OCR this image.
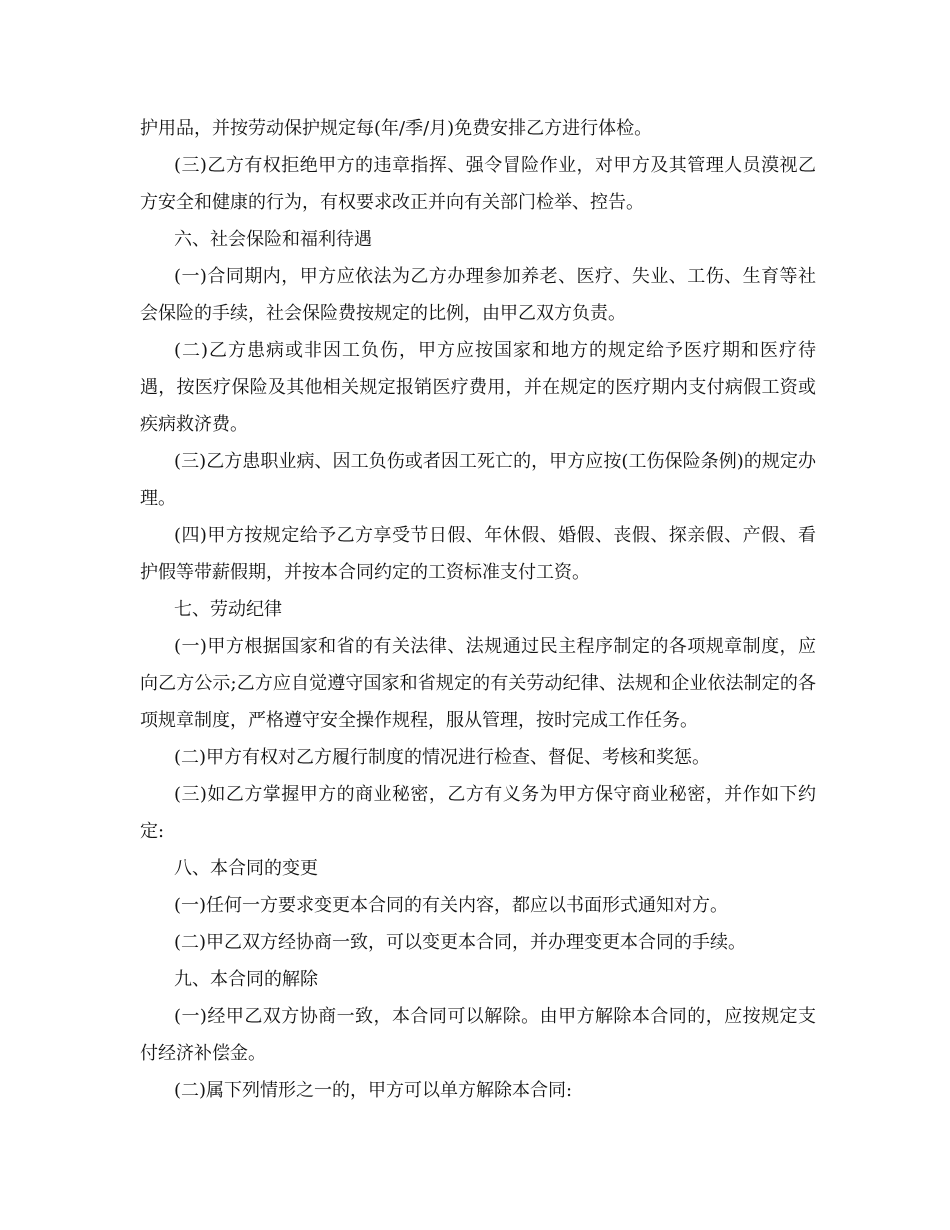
护用品，并按劳动保护规定每(年/季/月)免费安排乙方进行体检。

(三)乙方有权拒绝甲方的违章指挥、强令冒险作业，对甲方及其管理人员漠视乙方安全和健康的行为，有权要求改正并向有关部门检举、控告。

六、社会保险和福利待遇

(一)合同期内，甲方应依法为乙方办理参加养老、医疗、失业、工伤、生育等社会保险的手续，社会保险费按规定的比例，由甲乙双方负责。

(二)乙方患病或非因工负伤，甲方应按国家和地方的规定给予医疗期和医疗待遇，按医疗保险及其他相关规定报销医疗费用，并在规定的医疗期内支付病假工资或疾病救济费。

(三)乙方患职业病、因工负伤或者因工死亡的，甲方应按(工伤保险条例)的规定办理。

(四)甲方按规定给予乙方享受节日假、年休假、婚假、丧假、探亲假、产假、看护假等带薪假期，并按本合同约定的工资标准支付工资。

七、劳动纪律

(一)甲方根据国家和省的有关法律、法规通过民主程序制定的各项规章制度，应向乙方公示;乙方应自觉遵守国家和省规定的有关劳动纪律、法规和企业依法制定的各项规章制度，严格遵守安全操作规程，服从管理，按时完成工作任务。

(二)甲方有权对乙方履行制度的情况进行检查、督促、考核和奖惩。

(三)如乙方掌握甲方的商业秘密，乙方有义务为甲方保守商业秘密，并作如下约定:

八、本合同的变更

(一)任何一方要求变更本合同的有关内容，都应以书面形式通知对方。

(二)甲乙双方经协商一致，可以变更本合同，并办理变更本合同的手续。

九、本合同的解除

(一)经甲乙双方协商一致，本合同可以解除。由甲方解除本合同的，应按规定支付经济补偿金。

(二)属下列情形之一的，甲方可以单方解除本合同:
